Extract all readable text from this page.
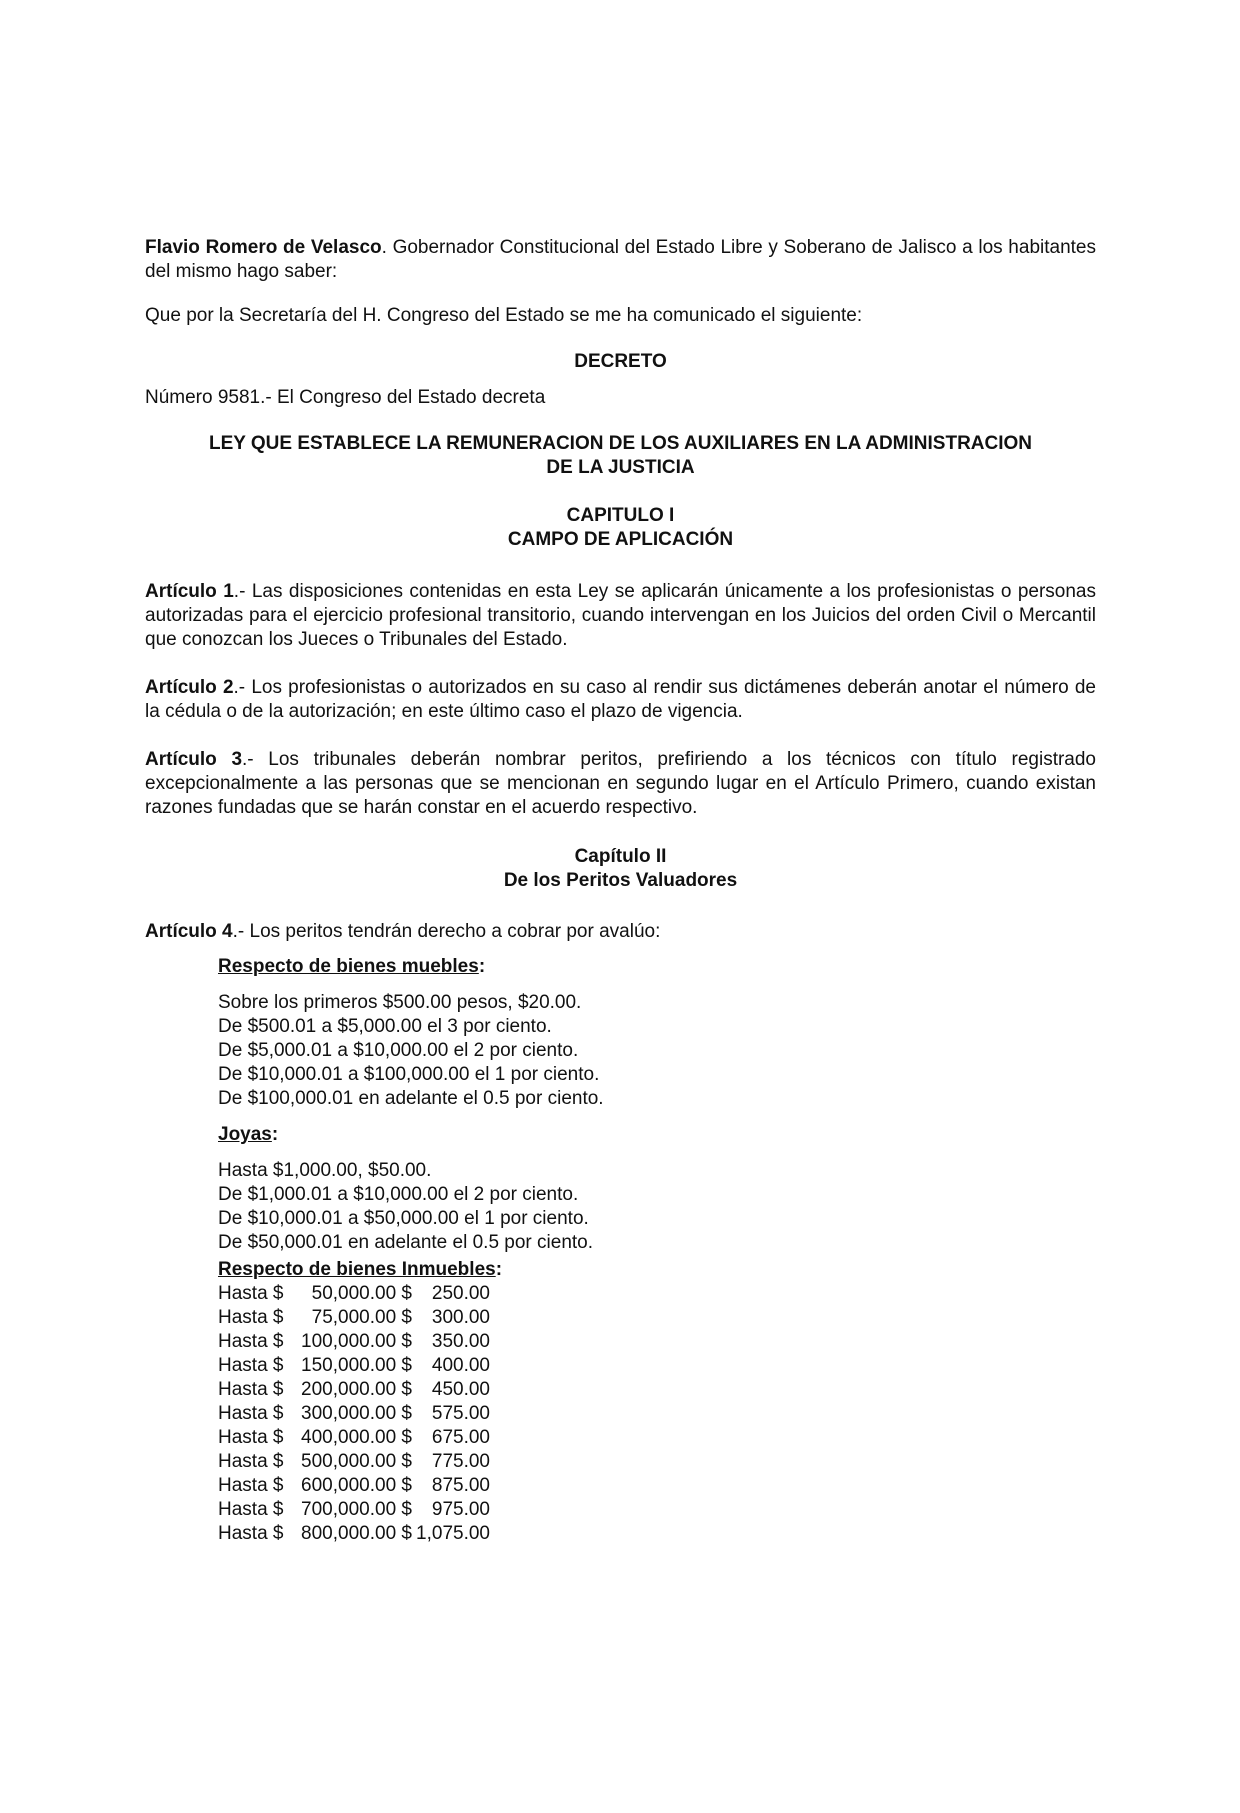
Flavio Romero de Velasco. Gobernador Constitucional del Estado Libre y Soberano de Jalisco a los habitantes del mismo hago saber:

Que por la Secretaría del H. Congreso del Estado se me ha comunicado el siguiente:

DECRETO

Número 9581.- El Congreso del Estado decreta

LEY QUE ESTABLECE LA REMUNERACION DE LOS AUXILIARES EN LA ADMINISTRACION
DE LA JUSTICIA
CAPITULO I
CAMPO DE APLICACIÓN

Artículo 1.- Las disposiciones contenidas en esta Ley se aplicarán únicamente a los profesionistas o personas autorizadas para el ejercicio profesional transitorio, cuando intervengan en los Juicios del orden Civil o Mercantil que conozcan los Jueces o Tribunales del Estado.

Artículo 2.- Los profesionistas o autorizados en su caso al rendir sus dictámenes deberán anotar el número de la cédula o de la autorización; en este último caso el plazo de vigencia.

Artículo 3.- Los tribunales deberán nombrar peritos, prefiriendo a los técnicos con título registrado excepcionalmente a las personas que se mencionan en segundo lugar en el Artículo Primero, cuando existan razones fundadas que se harán constar en el acuerdo respectivo.

Capítulo II
De los Peritos Valuadores

Artículo 4.- Los peritos tendrán derecho a cobrar por avalúo:

Respecto de bienes muebles:

Sobre los primeros $500.00 pesos, $20.00.
De $500.01 a $5,000.00 el 3 por ciento.
De $5,000.01 a $10,000.00 el 2 por ciento.
De $10,000.01 a $100,000.00 el 1 por ciento.
De $100,000.01 en adelante el 0.5 por ciento.

Joyas:

Hasta $1,000.00, $50.00.
De $1,000.01 a $10,000.00 el 2 por ciento.
De $10,000.01 a $50,000.00 el 1 por ciento.
De $50,000.01 en adelante el 0.5 por ciento.

Respecto de bienes Inmuebles:

Hasta $	50,000.00 $	250.00
Hasta $	75,000.00 $	300.00
Hasta $	100,000.00 $	350.00
Hasta $	150,000.00 $	400.00
Hasta $	200,000.00 $	450.00
Hasta $	300,000.00 $	575.00
Hasta $	400,000.00 $	675.00
Hasta $	500,000.00 $	775.00
Hasta $	600,000.00 $	875.00
Hasta $	700,000.00 $	975.00
Hasta $	800,000.00 $	1,075.00
